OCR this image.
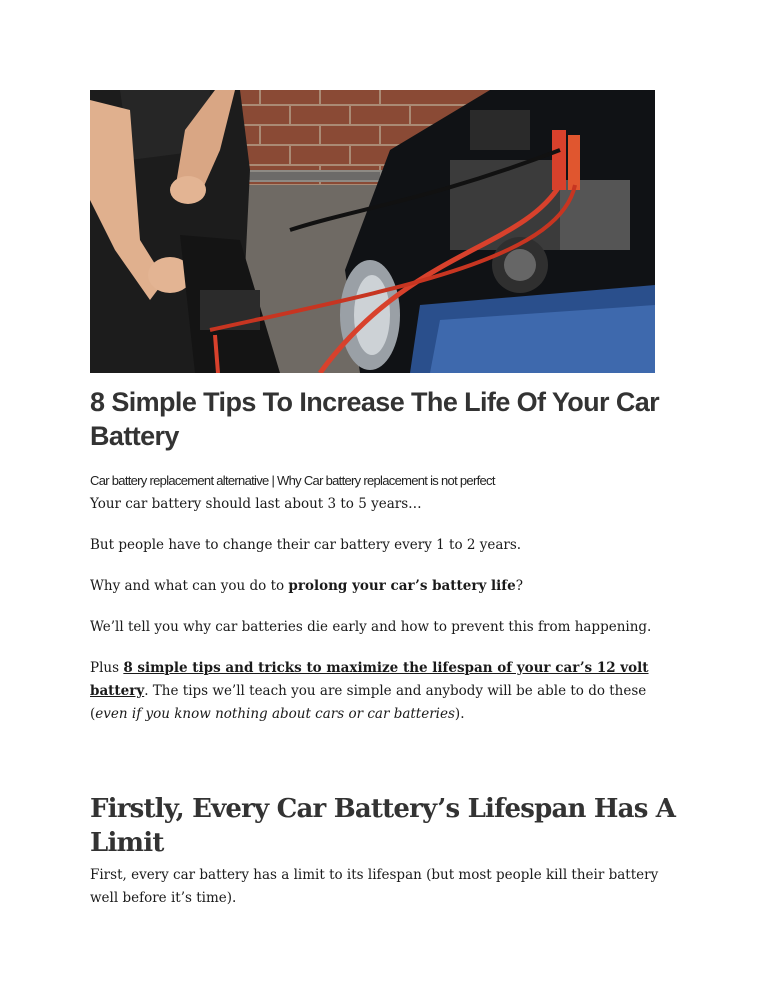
8 Simple Tips To Increase The Life Of Your Car Battery

Car battery replacement alternative | Why Car battery replacement is not perfect

Your car battery should last about 3 to 5 years…

But people have to change their car battery every 1 to 2 years.

Why and what can you do to prolong your car’s battery life?

We’ll tell you why car batteries die early and how to prevent this from happening.

Plus 8 simple tips and tricks to maximize the lifespan of your car’s 12 volt battery. The tips we’ll teach you are simple and anybody will be able to do these (even if you know nothing about cars or car batteries).

Firstly, Every Car Battery’s Lifespan Has A Limit

First, every car battery has a limit to its lifespan (but most people kill their battery well before it’s time).
